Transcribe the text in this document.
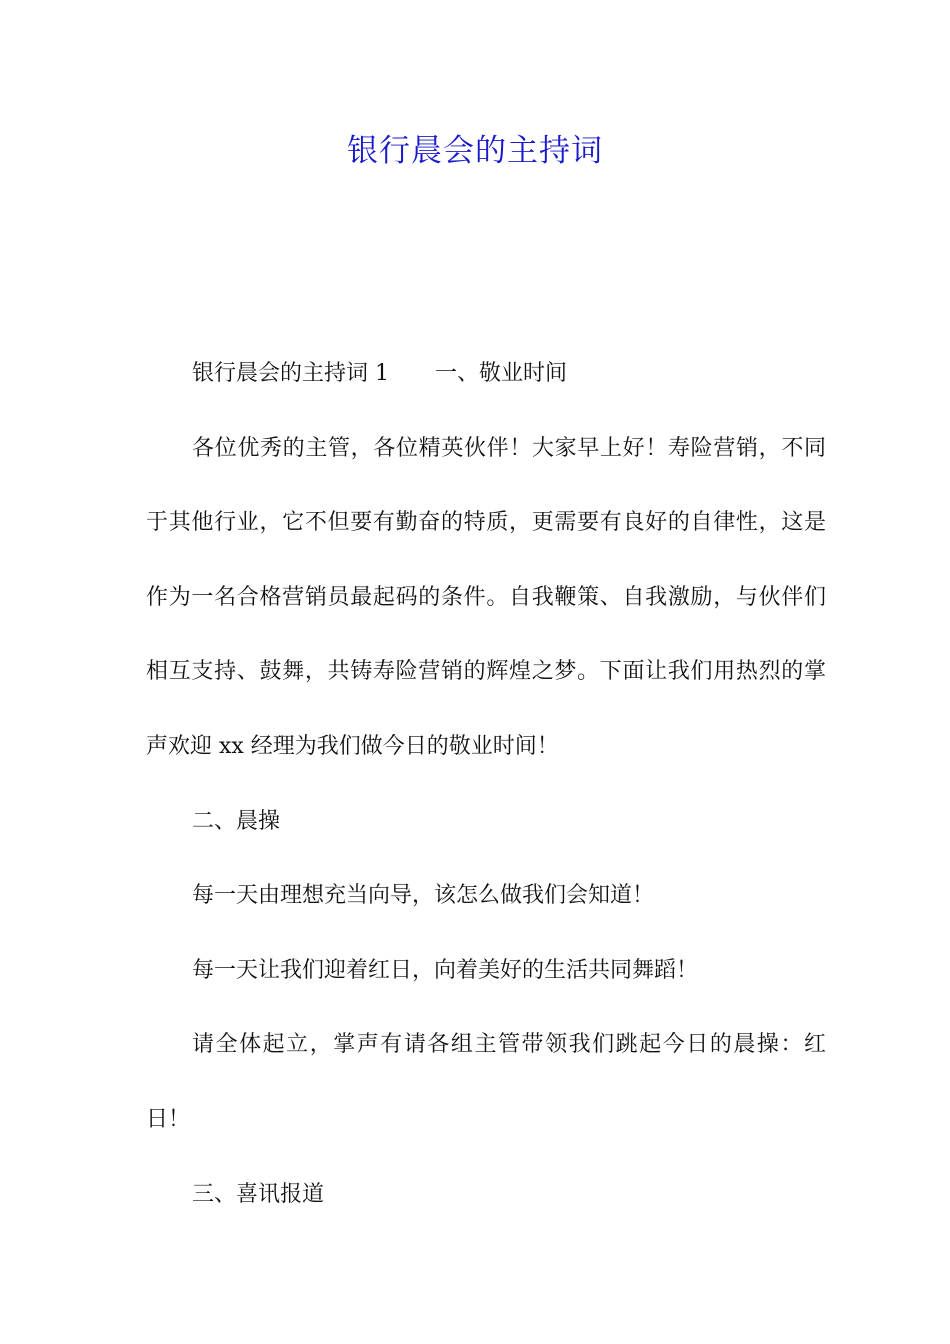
银行晨会的主持词

银行晨会的主持词 1 一、敬业时间

各位优秀的主管，各位精英伙伴！大家早上好！寿险营销，不同于其他行业，它不但要有勤奋的特质，更需要有良好的自律性，这是作为一名合格营销员最起码的条件。自我鞭策、自我激励，与伙伴们相互支持、鼓舞，共铸寿险营销的辉煌之梦。下面让我们用热烈的掌声欢迎 xx 经理为我们做今日的敬业时间！

二、晨操

每一天由理想充当向导，该怎么做我们会知道！

每一天让我们迎着红日，向着美好的生活共同舞蹈！

请全体起立，掌声有请各组主管带领我们跳起今日的晨操：红日！

三、喜讯报道
